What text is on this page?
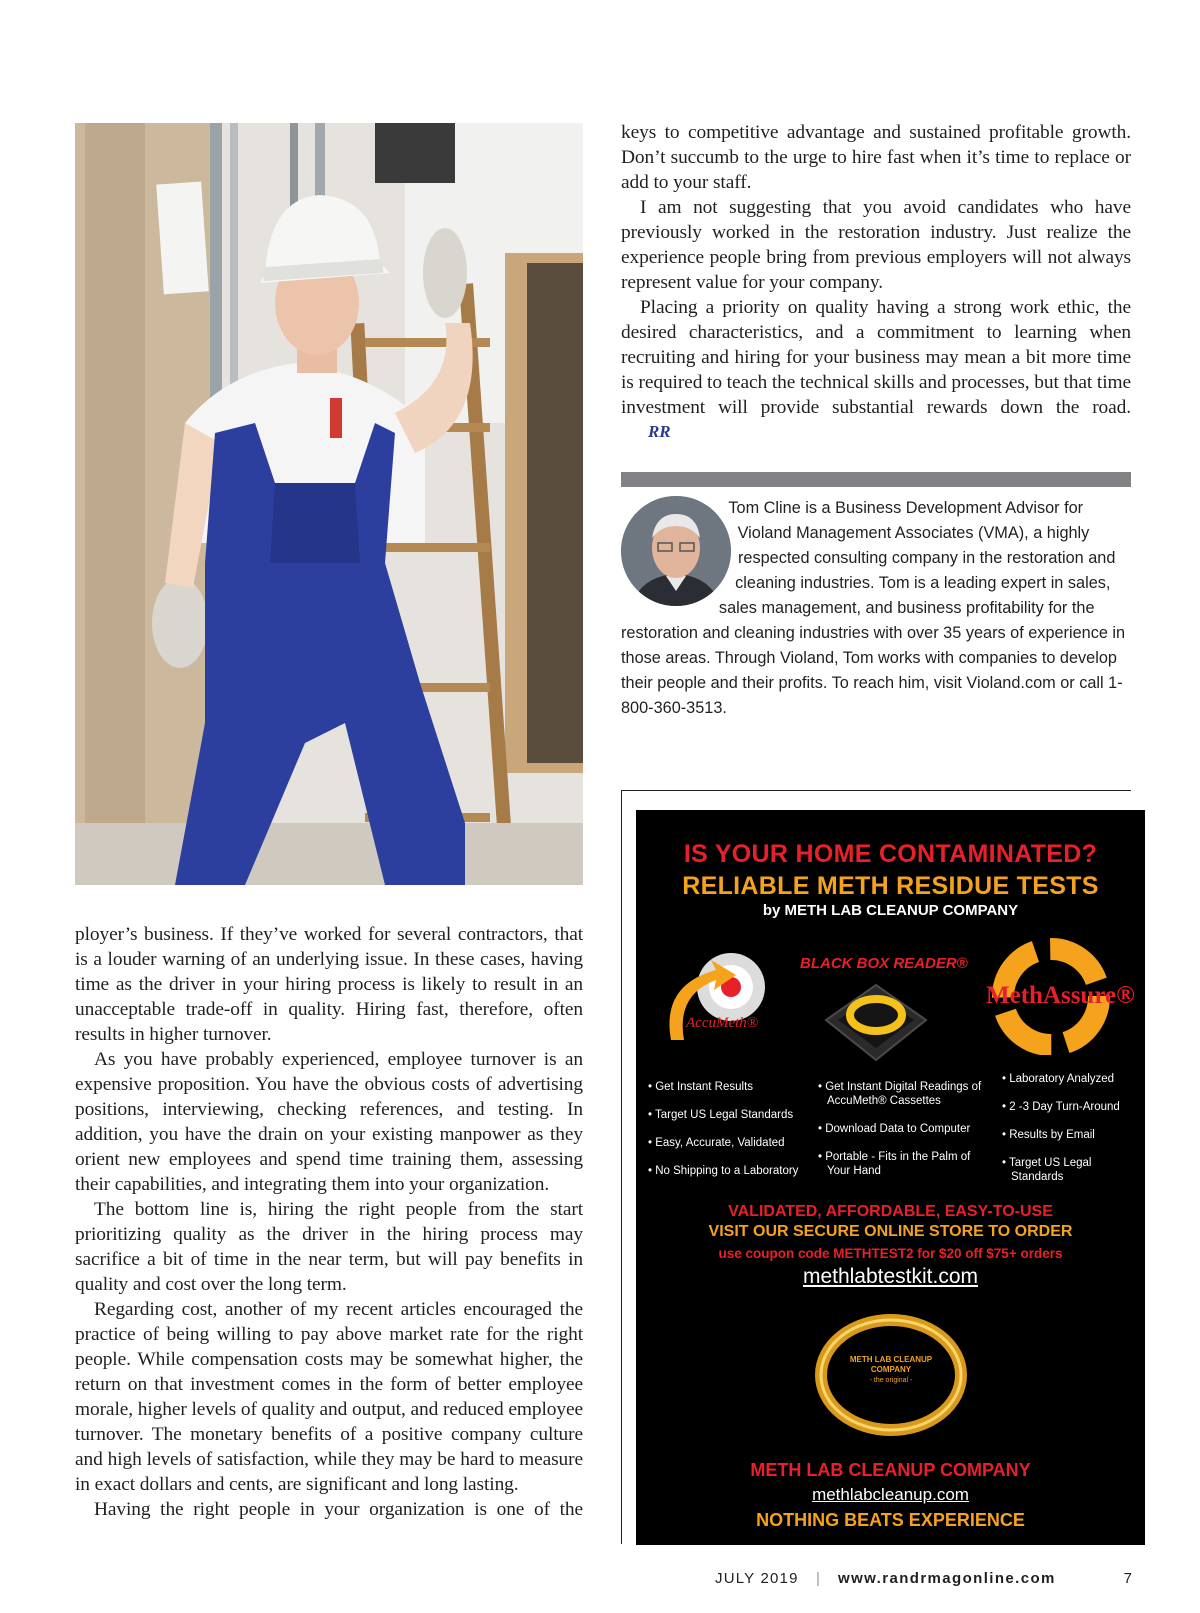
ployer’s business. If they’ve worked for several contractors, that is a louder warning of an underlying issue. In these cases, having time as the driver in your hiring process is likely to result in an unacceptable trade-off in quality. Hiring fast, therefore, often results in higher turnover.

As you have probably experienced, employee turnover is an expensive proposition. You have the obvious costs of advertising positions, interviewing, checking references, and testing. In addition, you have the drain on your existing manpower as they orient new employees and spend time training them, assessing their capabilities, and integrating them into your organization.

The bottom line is, hiring the right people from the start prioritizing quality as the driver in the hiring process may sacrifice a bit of time in the near term, but will pay benefits in quality and cost over the long term.

Regarding cost, another of my recent articles encouraged the practice of being willing to pay above market rate for the right people. While compensation costs may be somewhat higher, the return on that investment comes in the form of better employee morale, higher levels of quality and output, and reduced employee turnover. The monetary benefits of a positive company culture and high levels of satisfaction, while they may be hard to measure in exact dollars and cents, are significant and long lasting.

Having the right people in your organization is one of the

keys to competitive advantage and sustained profitable growth. Don’t succumb to the urge to hire fast when it’s time to replace or add to your staff.

I am not suggesting that you avoid candidates who have previously worked in the restoration industry. Just realize the experience people bring from previous employers will not always represent value for your company.

Placing a priority on quality having a strong work ethic, the desired characteristics, and a commitment to learning when recruiting and hiring for your business may mean a bit more time is required to teach the technical skills and processes, but that time investment will provide substantial rewards down the road.
RR

Tom Cline is a Business Development Advisor for Violand Management Associates (VMA), a highly respected consulting company in the restoration and cleaning industries. Tom is a leading expert in sales, sales management, and business profitability for the restoration and cleaning industries with over 35 years of experience in those areas. Through Violand, Tom works with companies to develop their people and their profits. To reach him, visit Violand.com or call 1-800-360-3513.

IS YOUR HOME CONTAMINATED?
RELIABLE METH RESIDUE TESTS
by METH LAB CLEANUP COMPANY
AccuMeth®
BLACK BOX READER®
MethAssure®
• Get Instant Results
• Target US Legal Standards
• Easy, Accurate, Validated
• No Shipping to a Laboratory
• Get Instant Digital Readings of AccuMeth® Cassettes
• Download Data to Computer
• Portable - Fits in the Palm of Your Hand
• Laboratory Analyzed
• 2 -3 Day Turn-Around
• Results by Email
• Target US Legal Standards
VALIDATED, AFFORDABLE, EASY-TO-USE
VISIT OUR SECURE ONLINE STORE TO ORDER
use coupon code METHTEST2 for $20 off $75+ orders
methlabtestkit.com
METH LAB CLEANUP
COMPANY
- the original -
METH LAB CLEANUP COMPANY
methlabcleanup.com
NOTHING BEATS EXPERIENCE
JULY 2019 | www.randrmagonline.com	7
